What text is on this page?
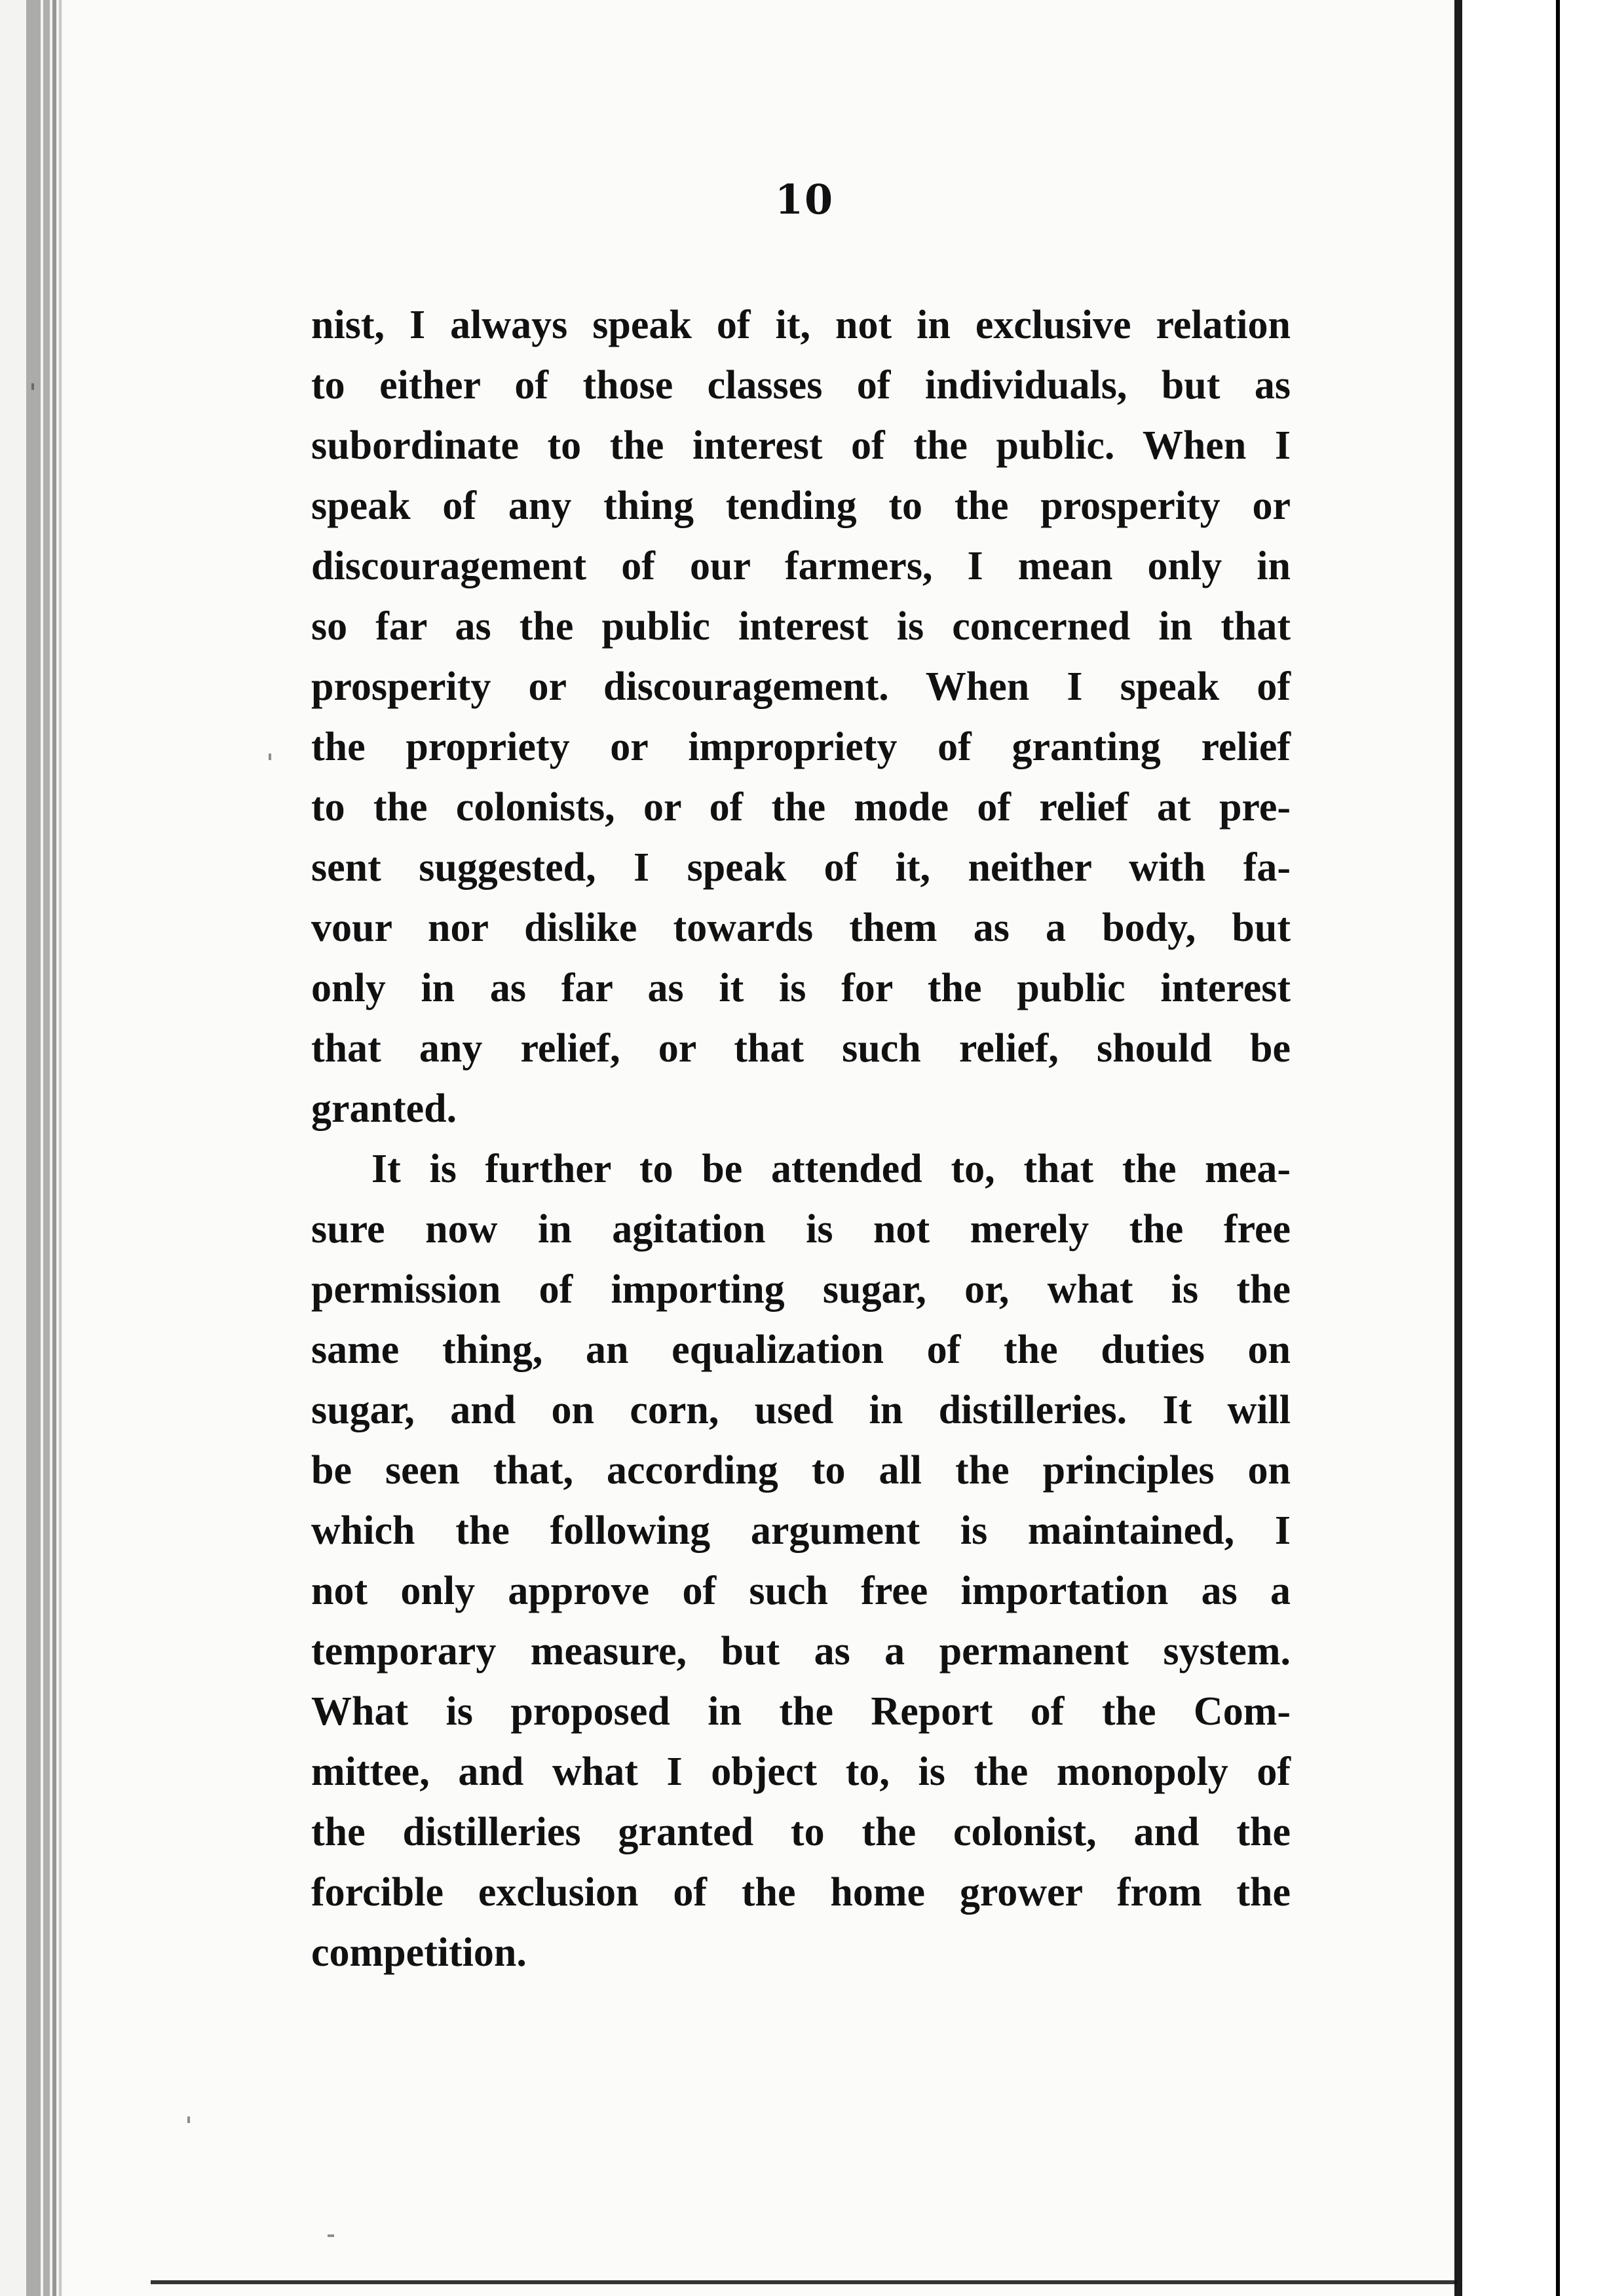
10
nist, I always speak of it, not in exclusive relation
to either of those classes of individuals, but as
subordinate to the interest of the public. When I
speak of any thing tending to the prosperity or
discouragement of our farmers, I mean only in
so far as the public interest is concerned in that
prosperity or discouragement. When I speak of
the propriety or impropriety of granting relief
to the colonists, or of the mode of relief at pre-
sent suggested, I speak of it, neither with fa-
vour nor dislike towards them as a body, but
only in as far as it is for the public interest
that any relief, or that such relief, should be
granted.
It is further to be attended to, that the mea-
sure now in agitation is not merely the free
permission of importing sugar, or, what is the
same thing, an equalization of the duties on
sugar, and on corn, used in distilleries. It will
be seen that, according to all the principles on
which the following argument is maintained, I
not only approve of such free importation as a
temporary measure, but as a permanent system.
What is proposed in the Report of the Com-
mittee, and what I object to, is the monopoly of
the distilleries granted to the colonist, and the
forcible exclusion of the home grower from the
competition.
